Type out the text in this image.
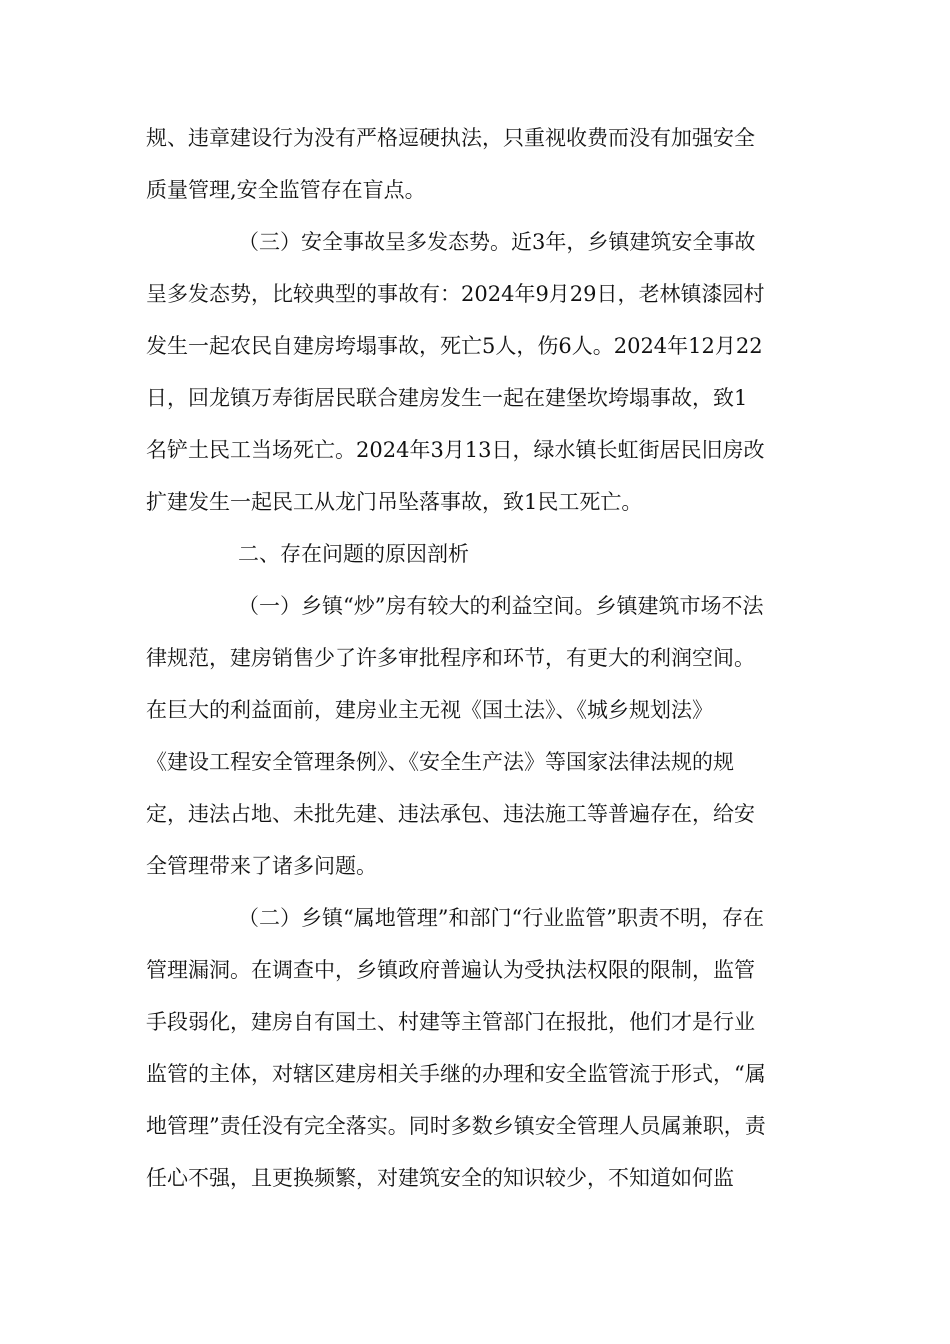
规、违章建设行为没有严格逗硬执法，只重视收费而没有加强安全
质量管理,安全监管存在盲点。
（三）安全事故呈多发态势。近3年，乡镇建筑安全事故
呈多发态势，比较典型的事故有：2024年9月29日，老林镇漆园村
发生一起农民自建房垮塌事故，死亡5人，伤6人。2024年12月22
日，回龙镇万寿街居民联合建房发生一起在建堡坎垮塌事故，致1
名铲土民工当场死亡。2024年3月13日，绿水镇长虹街居民旧房改
扩建发生一起民工从龙门吊坠落事故，致1民工死亡。
二、存在问题的原因剖析
（一）乡镇“炒”房有较大的利益空间。乡镇建筑市场不法
律规范，建房销售少了许多审批程序和环节，有更大的利润空间。
在巨大的利益面前，建房业主无视《国土法》、《城乡规划法》
《建设工程安全管理条例》、《安全生产法》等国家法律法规的规
定，违法占地、未批先建、违法承包、违法施工等普遍存在，给安
全管理带来了诸多问题。
（二）乡镇“属地管理”和部门“行业监管”职责不明，存在
管理漏洞。在调查中，乡镇政府普遍认为受执法权限的限制，监管
手段弱化，建房自有国土、村建等主管部门在报批，他们才是行业
监管的主体，对辖区建房相关手继的办理和安全监管流于形式，“属
地管理”责任没有完全落实。同时多数乡镇安全管理人员属兼职，责
任心不强，且更换频繁，对建筑安全的知识较少，不知道如何监
